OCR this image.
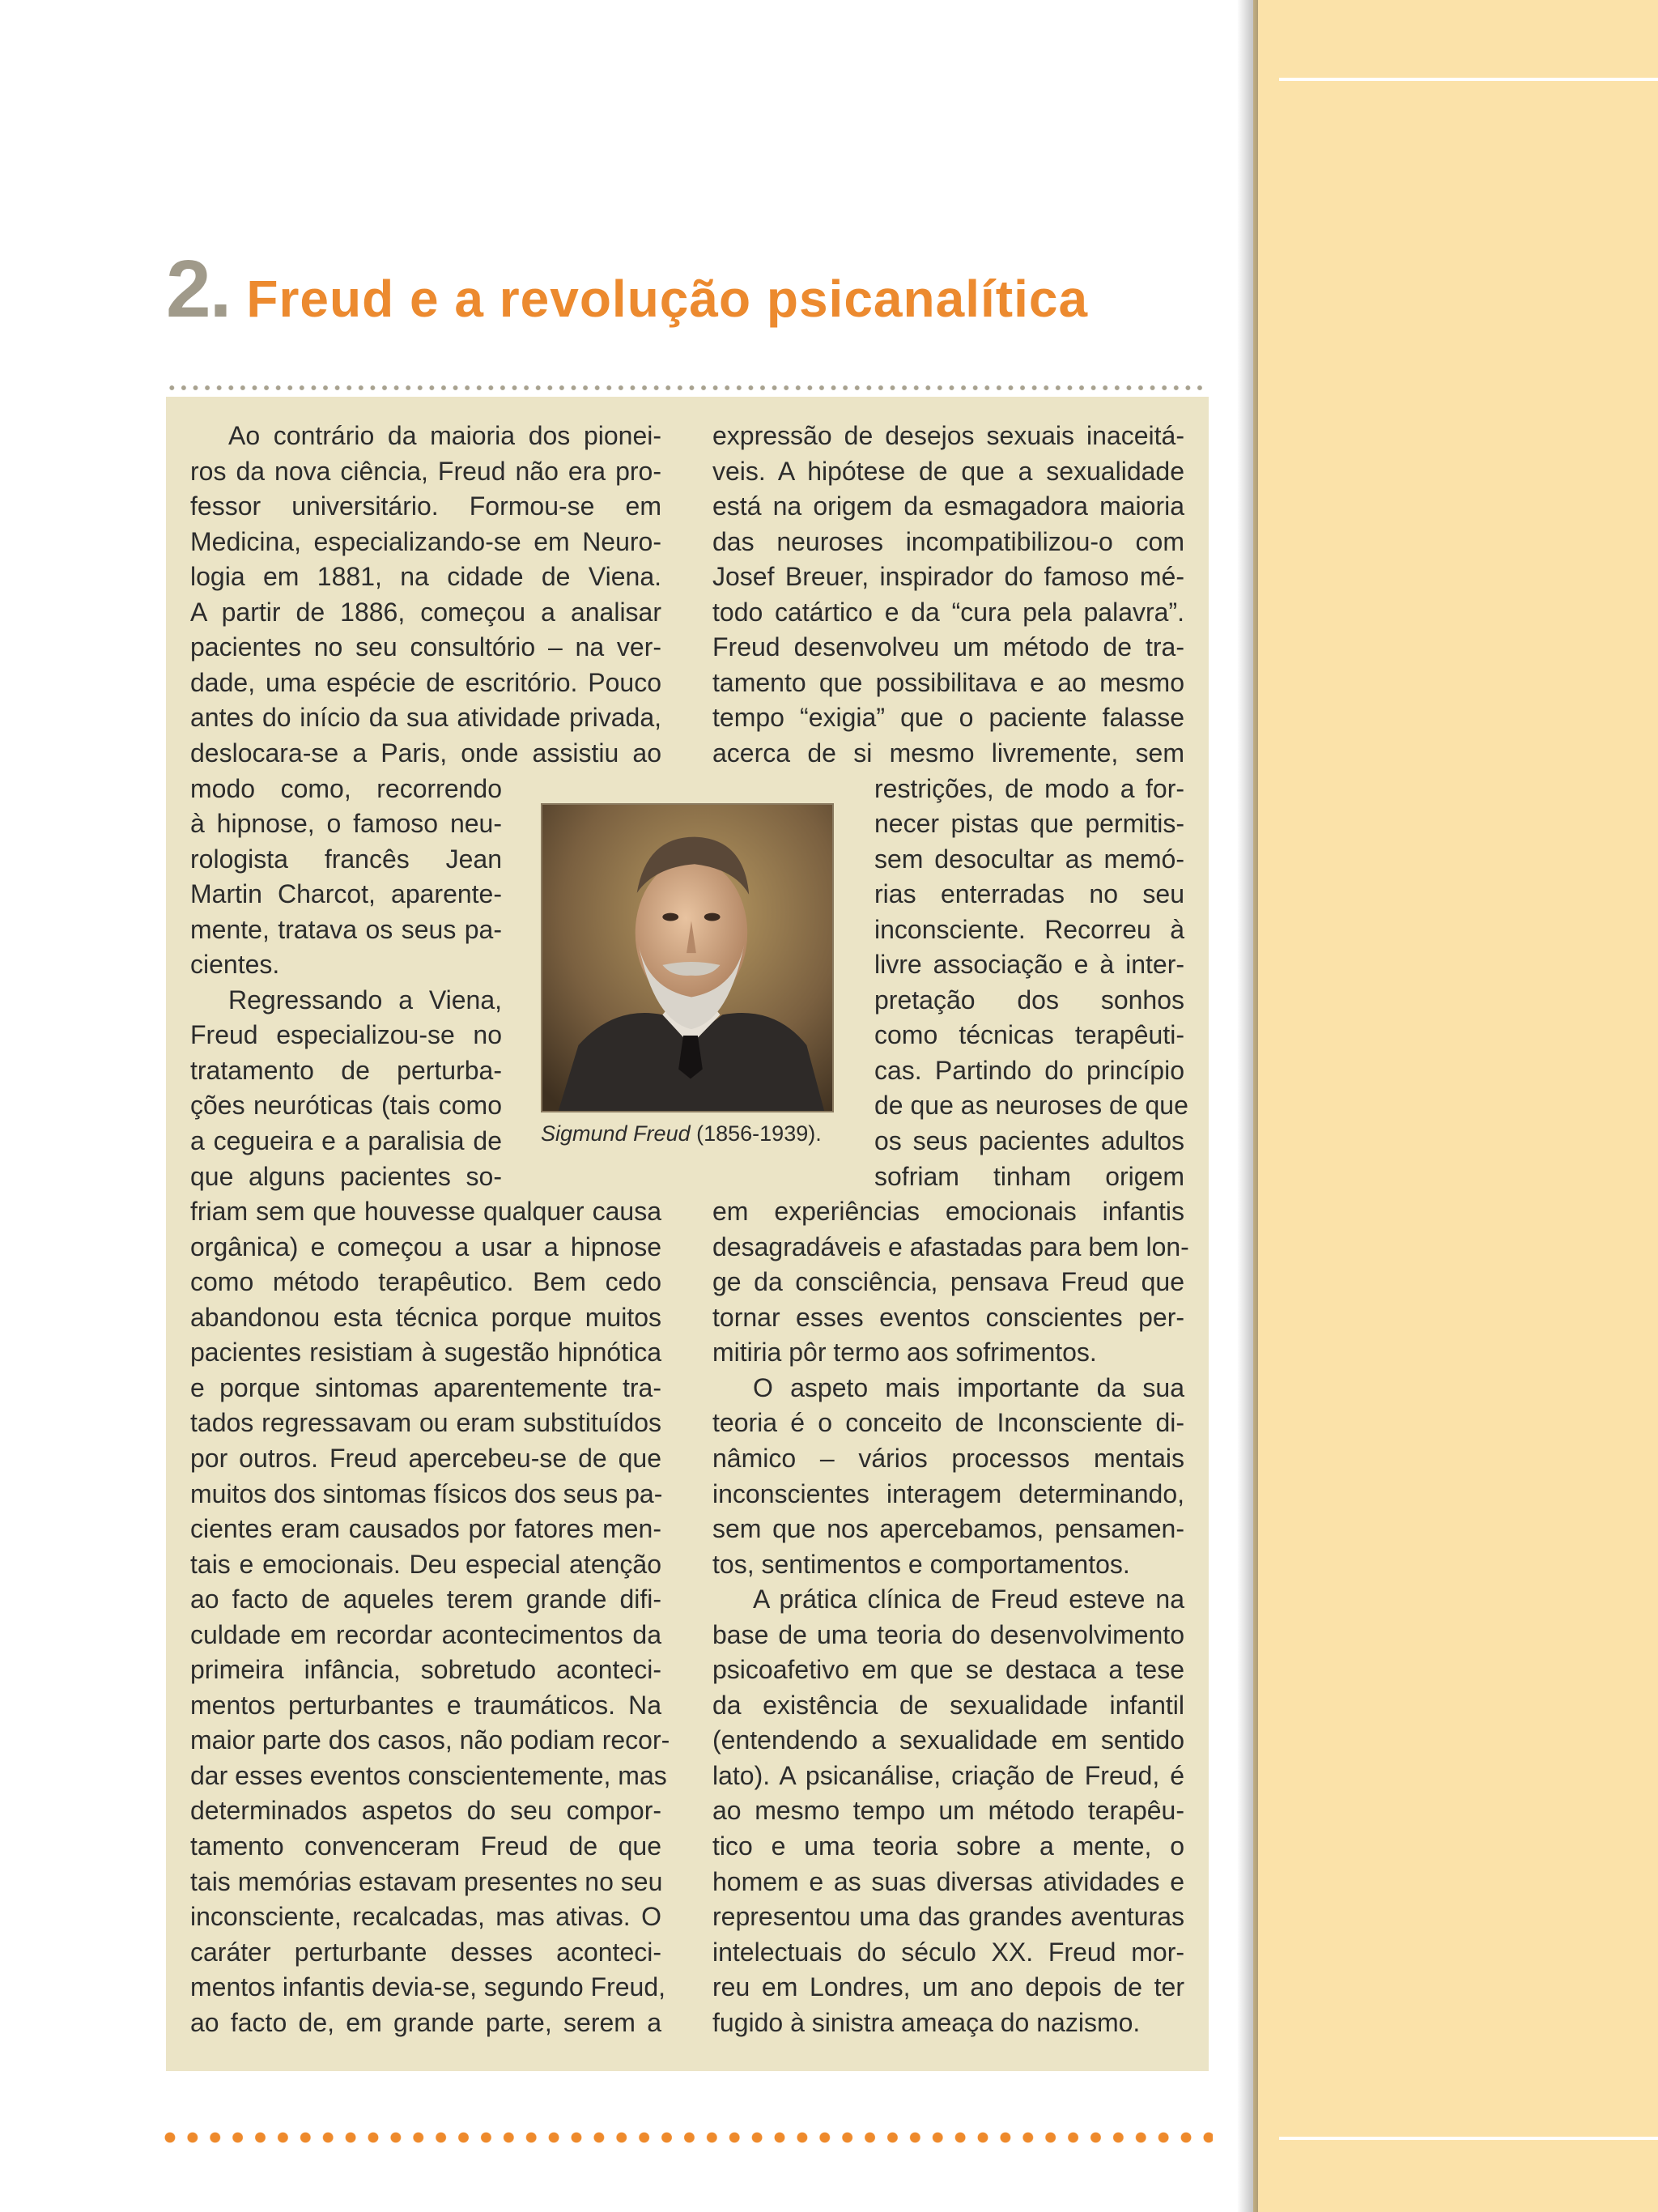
2 . Freud e a revolução psicanalítica
Ao contrário da maioria dos pionei-
ros da nova ciência, Freud não era pro-
fessor universitário. Formou-se em
Medicina, especializando-se em Neuro-
logia em 1881, na cidade de Viena.
A partir de 1886, começou a analisar
pacientes no seu consultório – na ver-
dade, uma espécie de escritório. Pouco
antes do início da sua atividade privada,
deslocara-se a Paris, onde assistiu ao
modo como, recorrendo
à hipnose, o famoso neu-
rologista francês Jean
Martin Charcot, aparente-
mente, tratava os seus pa-
cientes.
Regressando a Viena,
Freud especializou-se no
tratamento de perturba-
ções neuróticas (tais como
a cegueira e a paralisia de
que alguns pacientes so-
friam sem que houvesse qualquer causa
orgânica) e começou a usar a hipnose
como método terapêutico. Bem cedo
abandonou esta técnica porque muitos
pacientes resistiam à sugestão hipnótica
e porque sintomas aparentemente tra-
tados regressavam ou eram substituídos
por outros. Freud apercebeu-se de que
muitos dos sintomas físicos dos seus pa-
cientes eram causados por fatores men-
tais e emocionais. Deu especial atenção
ao facto de aqueles terem grande difi-
culdade em recordar acontecimentos da
primeira infância, sobretudo aconteci-
mentos perturbantes e traumáticos. Na
maior parte dos casos, não podiam recor-
dar esses eventos conscientemente, mas
determinados aspetos do seu compor-
tamento convenceram Freud de que
tais memórias estavam presentes no seu
inconsciente, recalcadas, mas ativas. O
caráter perturbante desses aconteci-
mentos infantis devia-se, segundo Freud,
ao facto de, em grande parte, serem a
expressão de desejos sexuais inaceitá-
veis. A hipótese de que a sexualidade
está na origem da esmagadora maioria
das neuroses incompatibilizou-o com
Josef Breuer, inspirador do famoso mé-
todo catártico e da “cura pela palavra”.
Freud desenvolveu um método de tra-
tamento que possibilitava e ao mesmo
tempo “exigia” que o paciente falasse
acerca de si mesmo livremente, sem
restrições, de modo a for-
necer pistas que permitis-
sem desocultar as memó-
rias enterradas no seu
inconsciente. Recorreu à
livre associação e à inter-
pretação dos sonhos
como técnicas terapêuti-
cas. Partindo do princípio
de que as neuroses de que
os seus pacientes adultos
sofriam tinham origem
em experiências emocionais infantis
desagradáveis e afastadas para bem lon-
ge da consciência, pensava Freud que
tornar esses eventos conscientes per-
mitiria pôr termo aos sofrimentos.
O aspeto mais importante da sua
teoria é o conceito de Inconsciente di-
nâmico – vários processos mentais
inconscientes interagem determinando,
sem que nos apercebamos, pensamen-
tos, sentimentos e comportamentos.
A prática clínica de Freud esteve na
base de uma teoria do desenvolvimento
psicoafetivo em que se destaca a tese
da existência de sexualidade infantil
(entendendo a sexualidade em sentido
lato). A psicanálise, criação de Freud, é
ao mesmo tempo um método terapêu-
tico e uma teoria sobre a mente, o
homem e as suas diversas atividades e
representou uma das grandes aventuras
intelectuais do século XX. Freud mor-
reu em Londres, um ano depois de ter
fugido à sinistra ameaça do nazismo.
Sigmund Freud (1856-1939).
